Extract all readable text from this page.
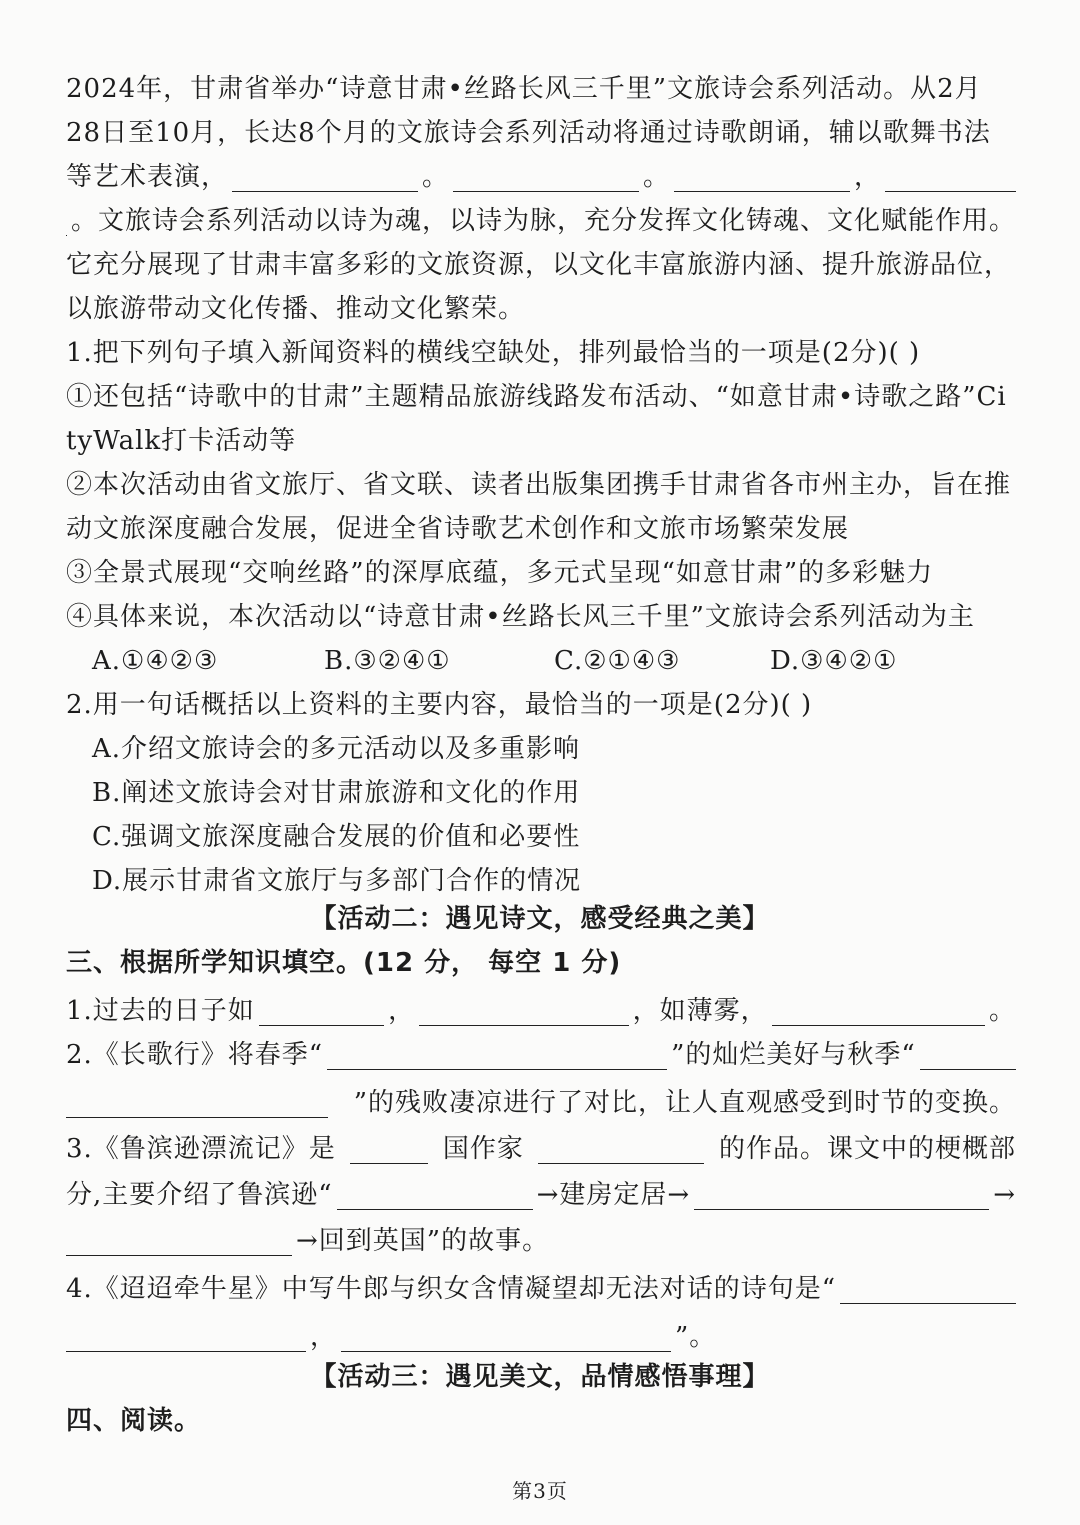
2024年，甘肃省举办“诗意甘肃•丝路长风三千里”文旅诗会系列活动。从2月
28日至10月，长达8个月的文旅诗会系列活动将通过诗歌朗诵，辅以歌舞书法
等艺术表演，	。	。	，
。文旅诗会系列活动以诗为魂，以诗为脉，充分发挥文化铸魂、文化赋能作用。
它充分展现了甘肃丰富多彩的文旅资源，以文化丰富旅游内涵、提升旅游品位，
以旅游带动文化传播、推动文化繁荣。
1.把下列句子填入新闻资料的横线空缺处，排列最恰当的一项是(2分)( )
①还包括“诗歌中的甘肃”主题精品旅游线路发布活动、“如意甘肃•诗歌之路”Ci
tyWalk打卡活动等
②本次活动由省文旅厅、省文联、读者出版集团携手甘肃省各市州主办，旨在推
动文旅深度融合发展，促进全省诗歌艺术创作和文旅市场繁荣发展
③全景式展现“交响丝路”的深厚底蕴，多元式呈现“如意甘肃”的多彩魅力
④具体来说，本次活动以“诗意甘肃•丝路长风三千里”文旅诗会系列活动为主
A.①④②③	B.③②④①	C.②①④③	D.③④②①
2.用一句话概括以上资料的主要内容，最恰当的一项是(2分)( )
A.介绍文旅诗会的多元活动以及多重影响
B.阐述文旅诗会对甘肃旅游和文化的作用
C.强调文旅深度融合发展的价值和必要性
D.展示甘肃省文旅厅与多部门合作的情况
【活动二：遇见诗文，感受经典之美】
三、根据所学知识填空。(12 分， 每空 1 分)
1.过去的日子如	，	，如薄雾，	。
2.《长歌行》将春季“	”的灿烂美好与秋季“
”的残败凄凉进行了对比，让人直观感受到时节的变换。
3.《鲁滨逊漂流记》是	国作家	的作品。课文中的梗概部
分,主要介绍了鲁滨逊“	→建房定居→	→
→回到英国”的故事。
4.《迢迢牵牛星》中写牛郎与织女含情凝望却无法对话的诗句是“
，	”。
【活动三：遇见美文，品情感悟事理】
四、阅读。
第3页
